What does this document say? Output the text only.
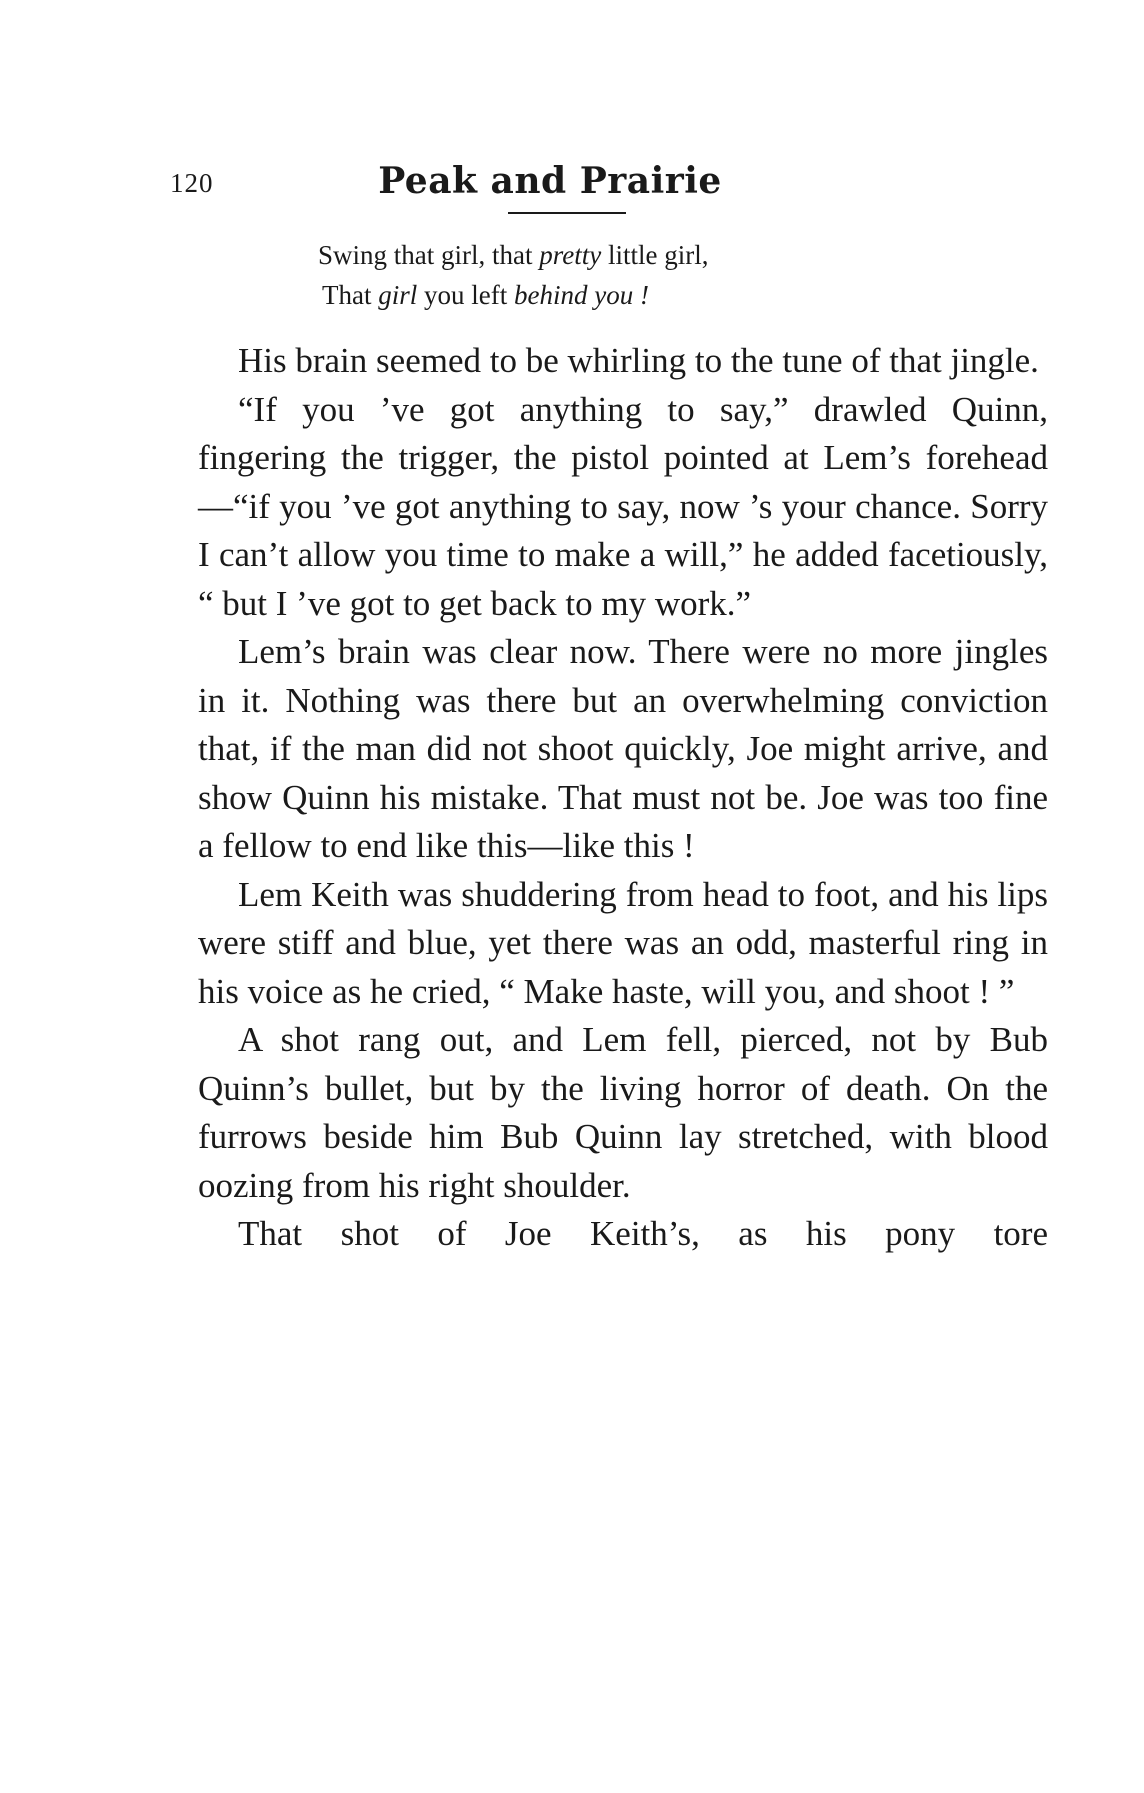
120	Peak and Prairie
Swing that girl, that pretty little girl,
That girl you left behind you !

His brain seemed to be whirling to the tune of that jingle.

“If you ’ve got anything to say,” drawled Quinn, fingering the trigger, the pistol pointed at Lem’s forehead—“if you ’ve got anything to say, now ’s your chance. Sorry I can’t allow you time to make a will,” he added facetiously, “ but I ’ve got to get back to my work.”

Lem’s brain was clear now. There were no more jingles in it. Nothing was there but an overwhelming conviction that, if the man did not shoot quickly, Joe might arrive, and show Quinn his mistake. That must not be. Joe was too fine a fellow to end like this—like this !

Lem Keith was shuddering from head to foot, and his lips were stiff and blue, yet there was an odd, masterful ring in his voice as he cried, “ Make haste, will you, and shoot ! ”

A shot rang out, and Lem fell, pierced, not by Bub Quinn’s bullet, but by the living horror of death. On the furrows beside him Bub Quinn lay stretched, with blood oozing from his right shoulder.

That shot of Joe Keith’s, as his pony tore
